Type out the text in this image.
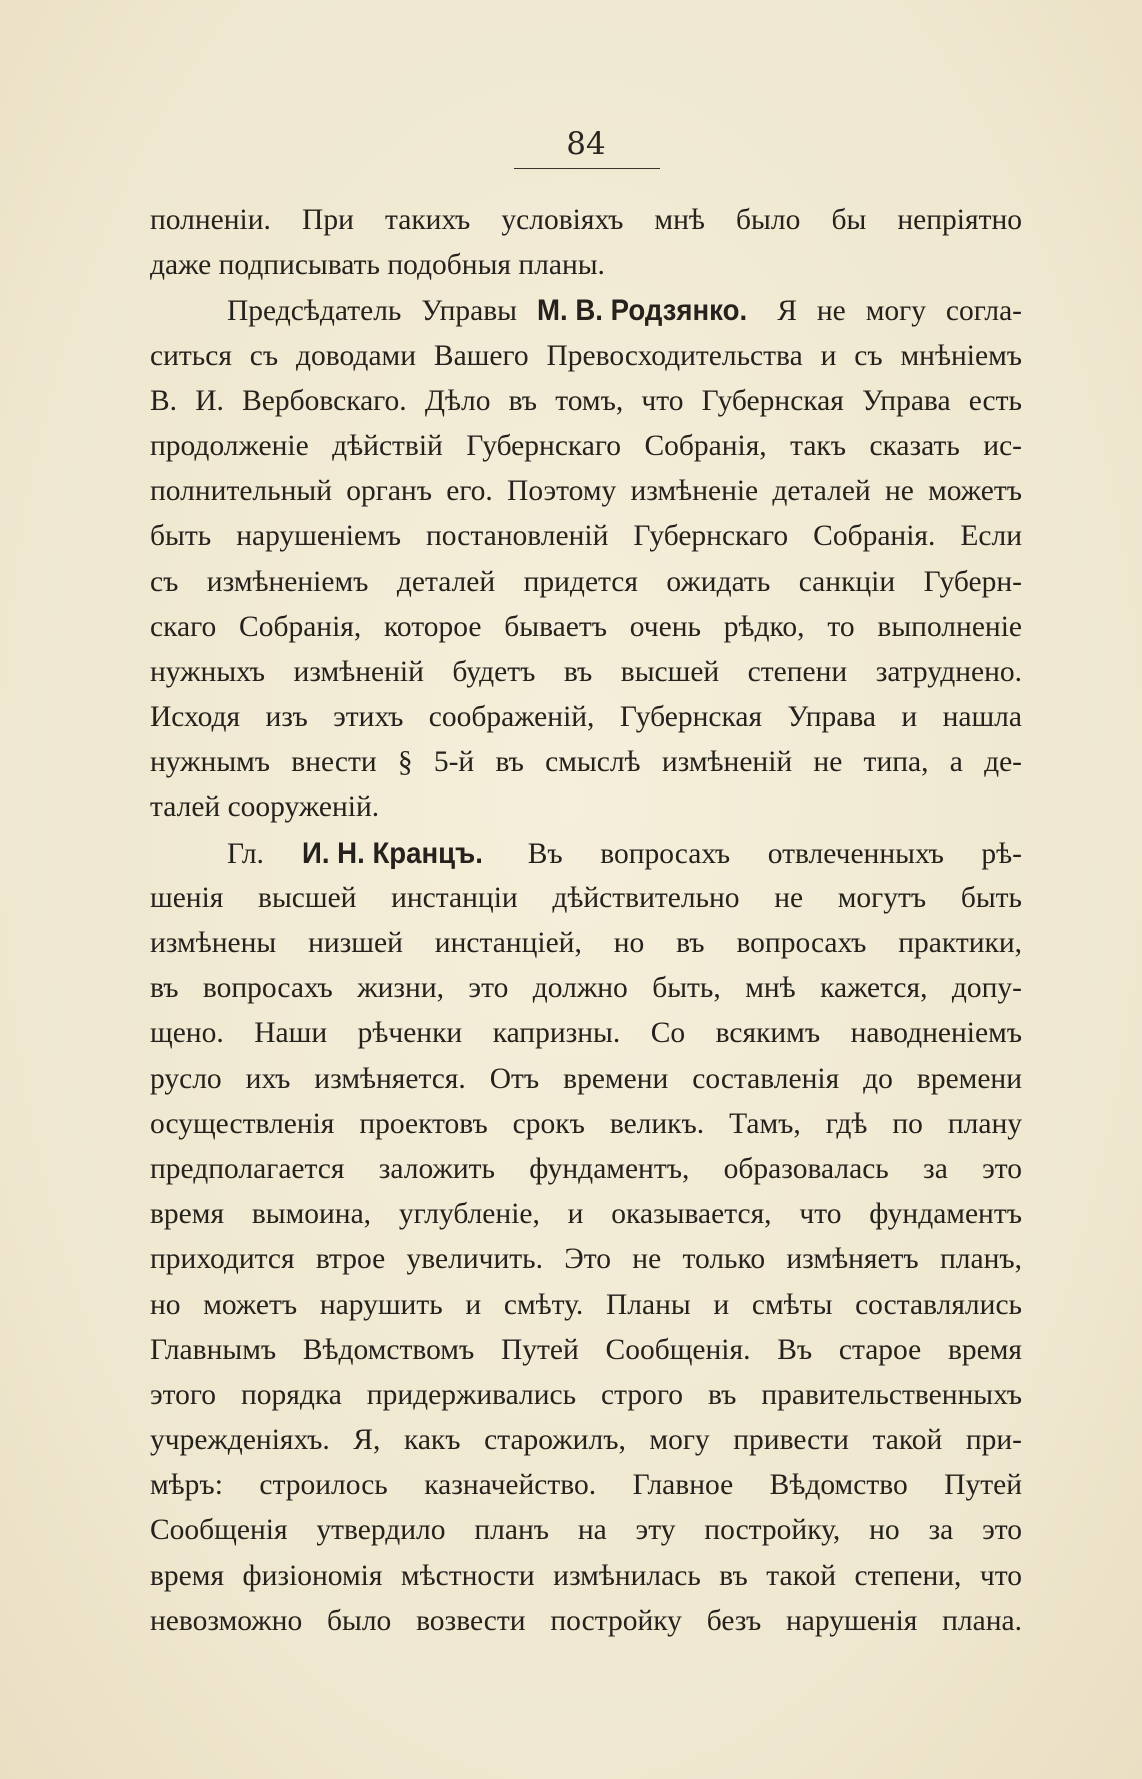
84
полненіи. При такихъ условіяхъ мнѣ было бы непріятно
даже подписывать подобныя планы.
Предсѣдатель Управы М. В. Родзянко. Я не могу согла-
ситься съ доводами Вашего Превосходительства и съ мнѣніемъ
В. И. Вербовскаго. Дѣло въ томъ, что Губернская Управа есть
продолженіе дѣйствій Губернскаго Собранія, такъ сказать ис-
полнительный органъ его. Поэтому измѣненіе деталей не можетъ
быть нарушеніемъ постановленій Губернскаго Собранія. Если
съ измѣненіемъ деталей придется ожидать санкціи Губерн-
скаго Собранія, которое бываетъ очень рѣдко, то выполненіе
нужныхъ измѣненій будетъ въ высшей степени затруднено.
Исходя изъ этихъ соображеній, Губернская Управа и нашла
нужнымъ внести § 5-й въ смыслѣ измѣненій не типа, а де-
талей сооруженій.
Гл. И. Н. Кранцъ. Въ вопросахъ отвлеченныхъ рѣ-
шенія высшей инстанціи дѣйствительно не могутъ быть
измѣнены низшей инстанціей, но въ вопросахъ практики,
въ вопросахъ жизни, это должно быть, мнѣ кажется, допу-
щено. Наши рѣченки капризны. Со всякимъ наводненіемъ
русло ихъ измѣняется. Отъ времени составленія до времени
осуществленія проектовъ срокъ великъ. Тамъ, гдѣ по плану
предполагается заложить фундаментъ, образовалась за это
время вымоина, углубленіе, и оказывается, что фундаментъ
приходится втрое увеличить. Это не только измѣняетъ планъ,
но можетъ нарушить и смѣту. Планы и смѣты составлялись
Главнымъ Вѣдомствомъ Путей Сообщенія. Въ старое время
этого порядка придерживались строго въ правительственныхъ
учрежденіяхъ. Я, какъ старожилъ, могу привести такой при-
мѣръ: строилось казначейство. Главное Вѣдомство Путей
Сообщенія утвердило планъ на эту постройку, но за это
время физіономія мѣстности измѣнилась въ такой степени, что
невозможно было возвести постройку безъ нарушенія плана.
